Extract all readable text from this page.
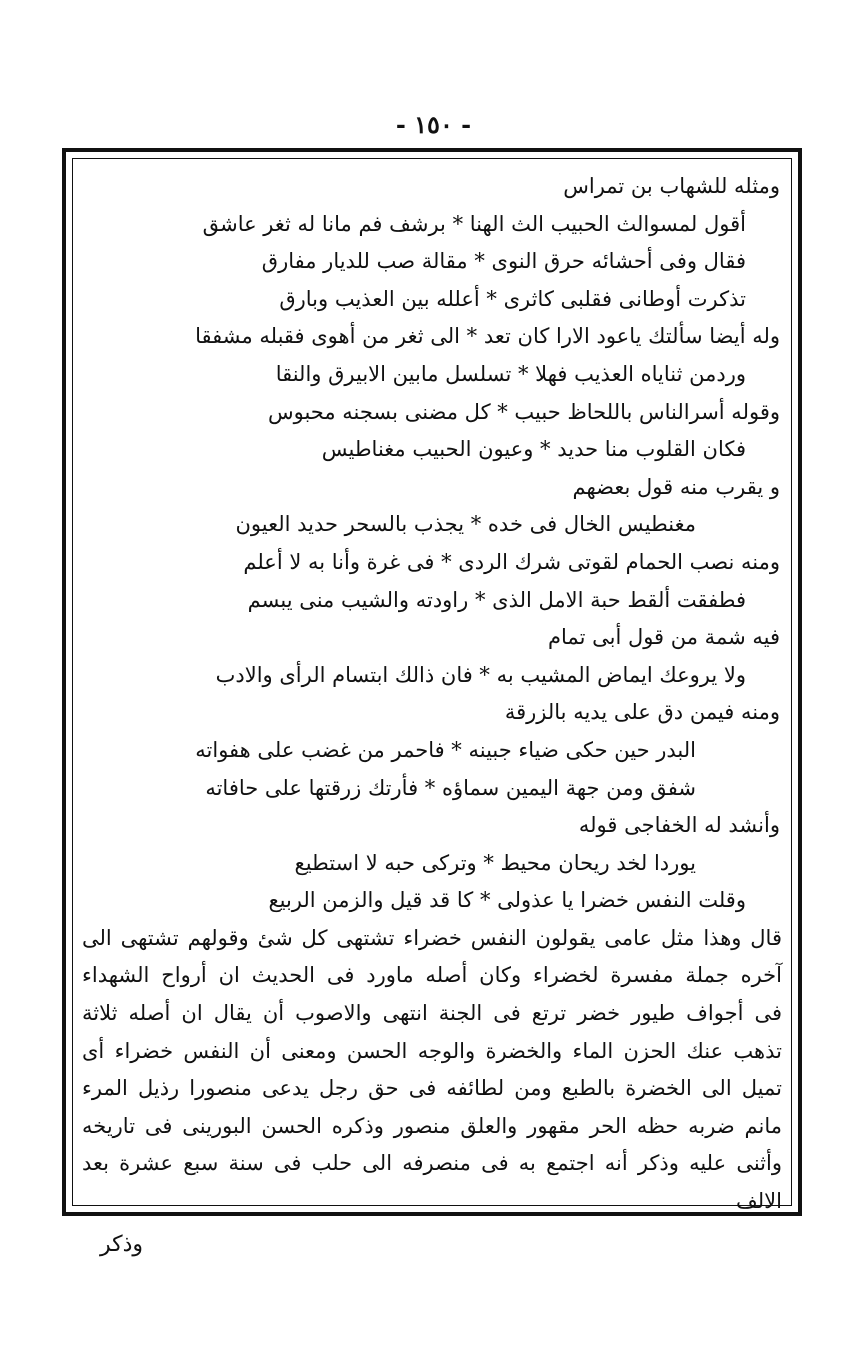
- ١٥٠ -
ومثله للشهاب بن تمراس
أقول لمسوالث الحبيب الث الهنا * برشف فم مانا له ثغر عاشق
فقال وفى أحشائه حرق النوى * مقالة صب للديار مفارق
تذكرت أوطانى فقلبى كاثرى * أعلله بين العذيب وبارق
وله أيضا سألتك ياعود الارا كان تعد * الى ثغر من أهوى فقبله مشفقا
وردمن ثناياه العذيب فهلا * تسلسل مابين الابيرق والنقا
وقوله أسرالناس باللحاظ حبيب * كل مضنى بسجنه محبوس
فكان القلوب منا حديد * وعيون الحبيب مغناطيس
و يقرب منه قول بعضهم
مغنطيس الخال فى خده * يجذب بالسحر حديد العيون
ومنه نصب الحمام لقوتى شرك الردى * فى غرة وأنا به لا أعلم
فطفقت ألقط حبة الامل الذى * راودته والشيب منى يبسم
فيه شمة من قول أبى تمام
ولا يروعك ايماض المشيب به * فان ذالك ابتسام الرأى والادب
ومنه فيمن دق على يديه بالزرقة
البدر حين حكى ضياء جبينه * فاحمر من غضب على هفواته
شفق ومن جهة اليمين سماؤه * فأرتك زرقتها على حافاته
وأنشد له الخفاجى قوله
يوردا لخد ريحان محيط * وتركى حبه لا استطيع
وقلت النفس خضرا يا عذولى * كا قد قيل والزمن الربيع
قال وهذا مثل عامى يقولون النفس خضراء تشتهى كل شئ وقولهم تشتهى الى
آخره جملة مفسرة لخضراء وكان أصله ماورد فى الحديث ان أرواح الشهداء
فى أجواف طيور خضر ترتع فى الجنة انتهى والاصوب أن يقال ان أصله ثلاثة
تذهب عنك الحزن الماء والخضرة والوجه الحسن ومعنى أن النفس خضراء أى
تميل الى الخضرة بالطبع ومن لطائفه فى حق رجل يدعى منصورا رذيل المرء
مانم ضربه حظه الحر مقهور والعلق منصور وذكره الحسن البورينى فى تاريخه
وأثنى عليه وذكر أنه اجتمع به فى منصرفه الى حلب فى سنة سبع عشرة بعد الالف
وذكر
